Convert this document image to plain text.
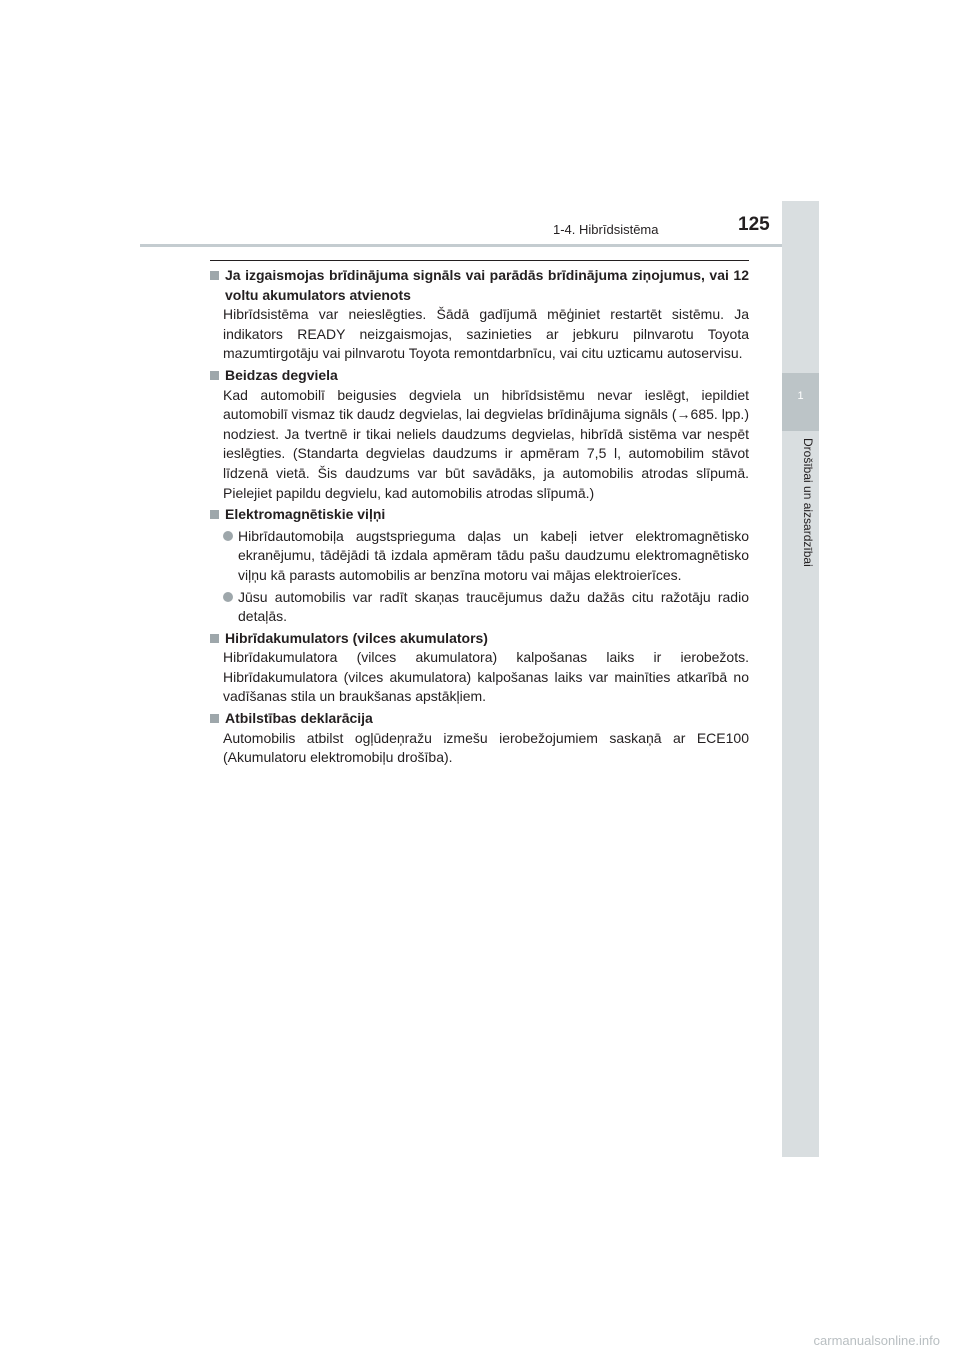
1-4. Hibrīdsistēma	125
1
Drošībai un aizsardzībai
Ja izgaismojas brīdinājuma signāls vai parādās brīdinājuma ziņojumus, vai 12 voltu akumulators atvienots
Hibrīdsistēma var neieslēgties. Šādā gadījumā mēģiniet restartēt sistēmu. Ja indikators READY neizgaismojas, sazinieties ar jebkuru pilnvarotu Toyota mazumtirgotāju vai pilnvarotu Toyota remontdarbnīcu, vai citu uzticamu autoservisu.
Beidzas degviela
Kad automobilī beigusies degviela un hibrīdsistēmu nevar ieslēgt, iepildiet automobilī vismaz tik daudz degvielas, lai degvielas brīdinājuma signāls (→685. lpp.) nodziest. Ja tvertnē ir tikai neliels daudzums degvielas, hibrīdā sistēma var nespēt ieslēgties. (Standarta degvielas daudzums ir apmēram 7,5 l, automobilim stāvot līdzenā vietā. Šis daudzums var būt savādāks, ja automobilis atrodas slīpumā. Pielejiet papildu degvielu, kad automobilis atrodas slīpumā.)
Elektromagnētiskie viļņi
Hibrīdautomobiļa augstsprieguma daļas un kabeļi ietver elektromagnētisko ekranējumu, tādējādi tā izdala apmēram tādu pašu daudzumu elektromagnētisko viļņu kā parasts automobilis ar benzīna motoru vai mājas elektroierīces.
Jūsu automobilis var radīt skaņas traucējumus dažu dažās citu ražotāju radio detaļās.
Hibrīdakumulators (vilces akumulators)
Hibrīdakumulatora (vilces akumulatora) kalpošanas laiks ir ierobežots. Hibrīdakumulatora (vilces akumulatora) kalpošanas laiks var mainīties atkarībā no vadīšanas stila un braukšanas apstākļiem.
Atbilstības deklarācija
Automobilis atbilst ogļūdeņražu izmešu ierobežojumiem saskaņā ar ECE100 (Akumulatoru elektromobiļu drošība).
carmanualsonline.info
